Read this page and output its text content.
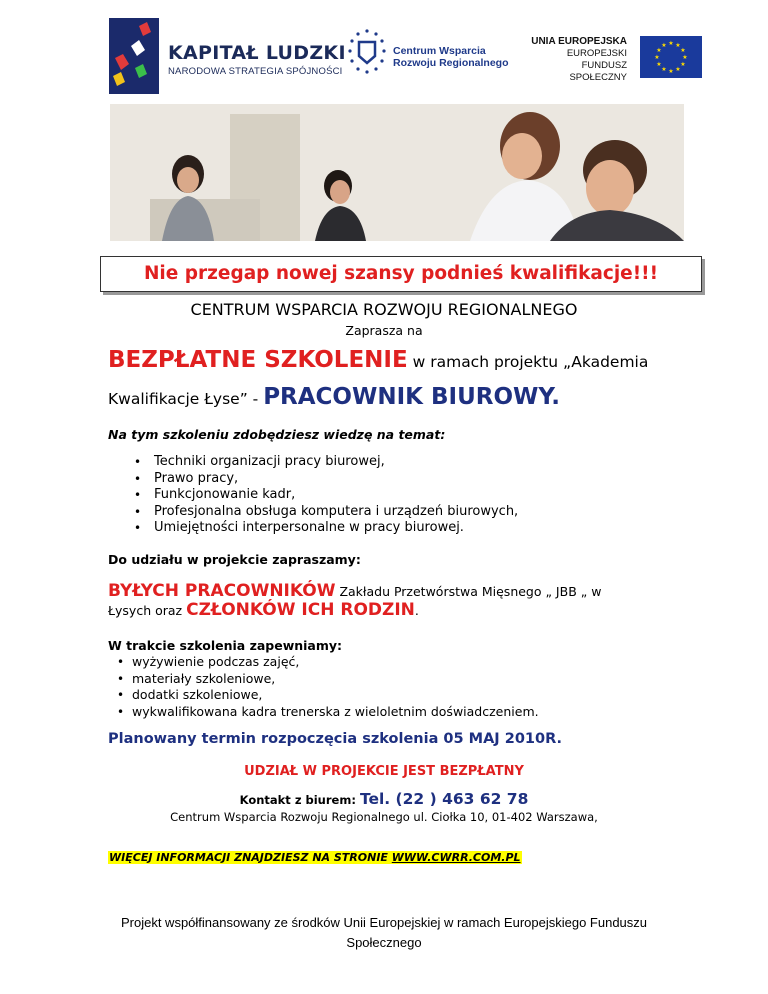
KAPITAŁ LUDZKI
NARODOWA STRATEGIA SPÓJNOŚCI
Centrum Wsparcia
Rozwoju Regionalnego
UNIA EUROPEJSKA
EUROPEJSKI
FUNDUSZ SPOŁECZNY
★ ★
★
★
★
★
★
★
★
★
★
★
Nie przegap nowej szansy podnieś kwalifikacje!!!
CENTRUM WSPARCIA ROZWOJU REGIONALNEGO
Zaprasza na
BEZPŁATNE SZKOLENIE w ramach projektu „Akademia
Kwalifikacje Łyse” - PRACOWNIK BIUROWY.
Na tym szkoleniu zdobędziesz wiedzę na temat:
• Techniki organizacji pracy biurowej,
• Prawo pracy,
• Funkcjonowanie kadr,
• Profesjonalna obsługa komputera i urządzeń biurowych,
• Umiejętności interpersonalne w pracy biurowej.
Do udziału w projekcie zapraszamy:
BYŁYCH PRACOWNIKÓW Zakładu Przetwórstwa Mięsnego „ JBB „ w
Łysych oraz CZŁONKÓW ICH RODZIN.
W trakcie szkolenia zapewniamy:
• wyżywienie podczas zajęć,
• materiały szkoleniowe,
• dodatki szkoleniowe,
• wykwalifikowana kadra trenerska z wieloletnim doświadczeniem.
Planowany termin rozpoczęcia szkolenia 05 MAJ 2010R.
UDZIAŁ W PROJEKCIE JEST BEZPŁATNY
Kontakt z biurem: Tel. (22 ) 463 62 78
Centrum Wsparcia Rozwoju Regionalnego ul. Ciołka 10, 01-402 Warszawa,
WIĘCEJ INFORMACJI ZNAJDZIESZ NA STRONIE WWW.CWRR.COM.PL
Projekt współfinansowany ze środków Unii Europejskiej w ramach Europejskiego Funduszu
Społecznego
